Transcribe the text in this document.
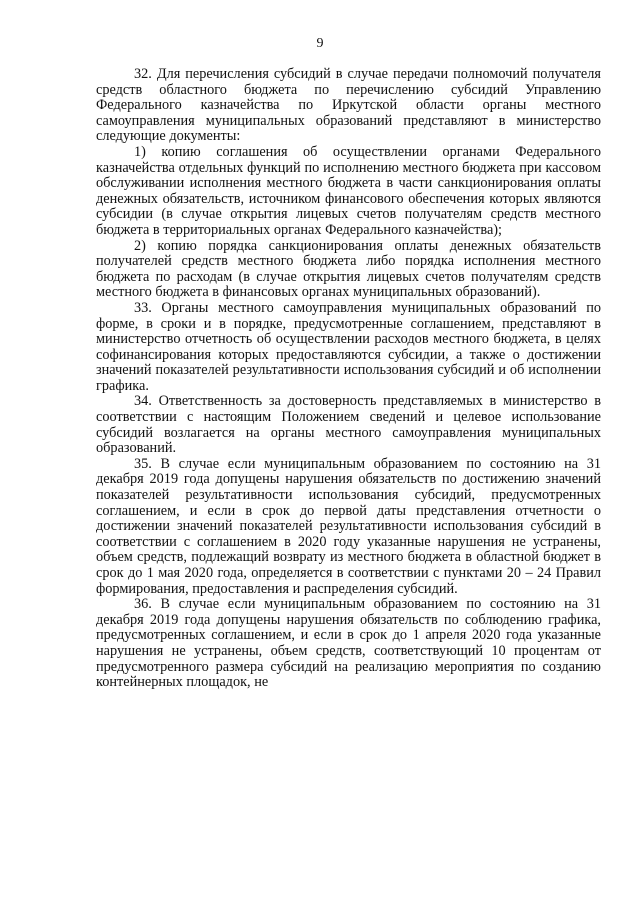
9

32. Для перечисления субсидий в случае передачи полномочий получателя средств областного бюджета по перечислению субсидий Управлению Федерального казначейства по Иркутской области органы местного самоуправления муниципальных образований представляют в министерство следующие документы:

1) копию соглашения об осуществлении органами Федерального казначейства отдельных функций по исполнению местного бюджета при кассовом обслуживании исполнения местного бюджета в части санкционирования оплаты денежных обязательств, источником финансового обеспечения которых являются субсидии (в случае открытия лицевых счетов получателям средств местного бюджета в территориальных органах Федерального казначейства);

2) копию порядка санкционирования оплаты денежных обязательств получателей средств местного бюджета либо порядка исполнения местного бюджета по расходам (в случае открытия лицевых счетов получателям средств местного бюджета в финансовых органах муниципальных образований).

33. Органы местного самоуправления муниципальных образований по форме, в сроки и в порядке, предусмотренные соглашением, представляют в министерство отчетность об осуществлении расходов местного бюджета, в целях софинансирования которых предоставляются субсидии, а также о достижении значений показателей результативности использования субсидий и об исполнении графика.

34. Ответственность за достоверность представляемых в министерство в соответствии с настоящим Положением сведений и целевое использование субсидий возлагается на органы местного самоуправления муниципальных образований.

35. В случае если муниципальным образованием по состоянию на 31 декабря 2019 года допущены нарушения обязательств по достижению значений показателей результативности использования субсидий, предусмотренных соглашением, и если в срок до первой даты представления отчетности о достижении значений показателей результативности использования субсидий в соответствии с соглашением в 2020 году указанные нарушения не устранены, объем средств, подлежащий возврату из местного бюджета в областной бюджет в срок до 1 мая 2020 года, определяется в соответствии с пунктами 20 – 24 Правил формирования, предоставления и распределения субсидий.

36. В случае если муниципальным образованием по состоянию на 31 декабря 2019 года допущены нарушения обязательств по соблюдению графика, предусмотренных соглашением, и если в срок до 1 апреля 2020 года указанные нарушения не устранены, объем средств, соответствующий 10 процентам от предусмотренного размера субсидий на реализацию мероприятия по созданию контейнерных площадок, не
